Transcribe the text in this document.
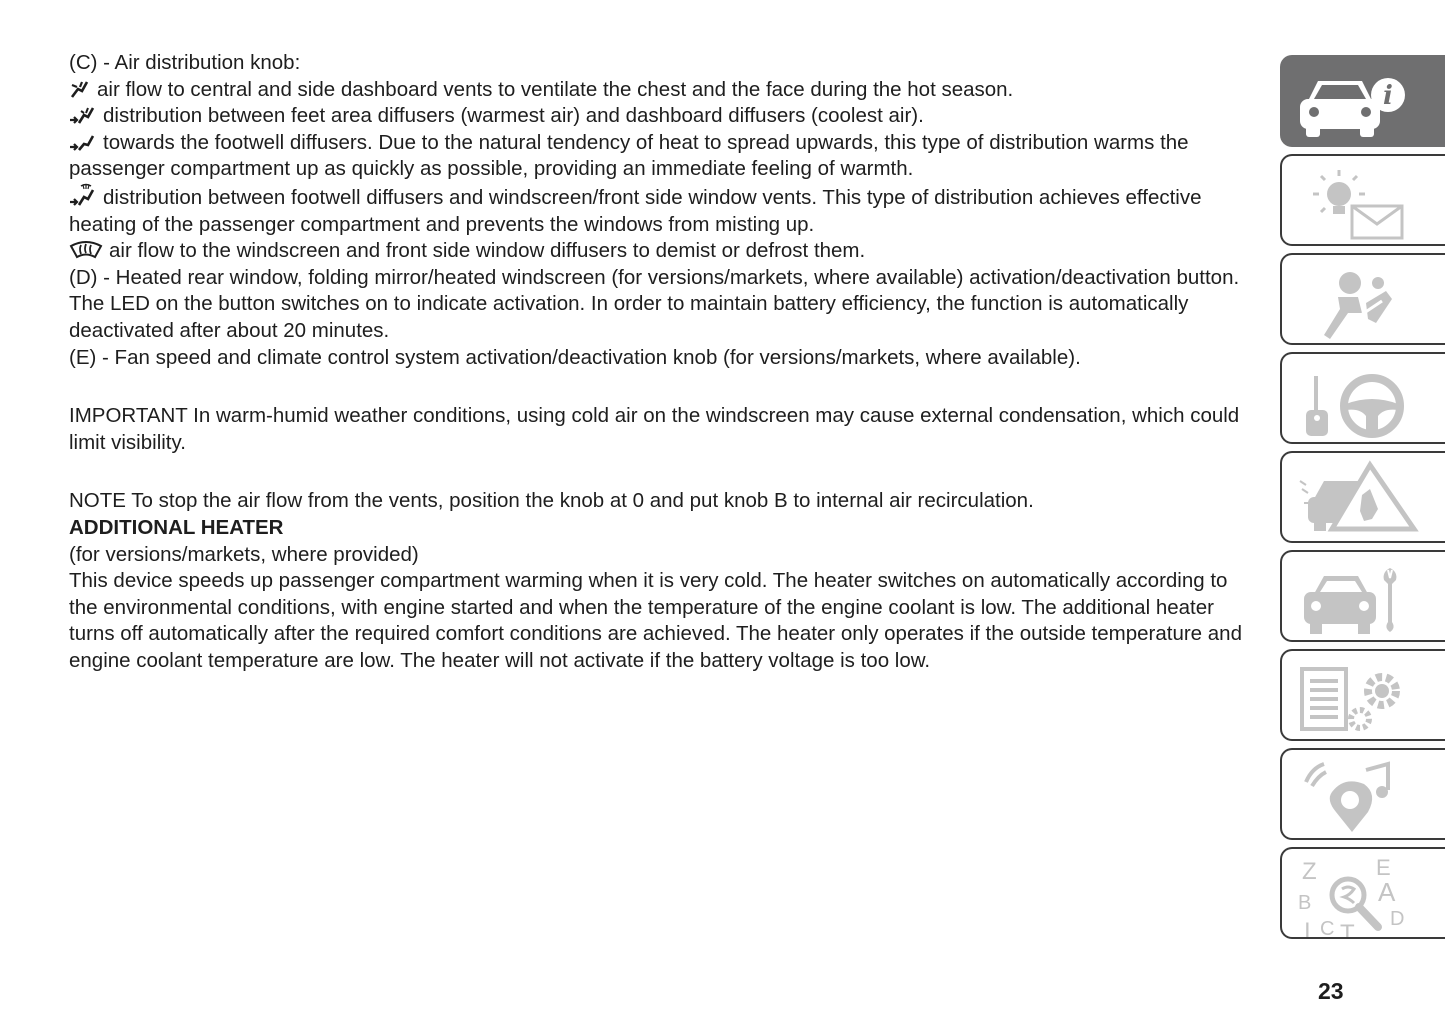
(C) - Air distribution knob:

air flow to central and side dashboard vents to ventilate the chest and the face during the hot season.

distribution between feet area diffusers (warmest air) and dashboard diffusers (coolest air).

towards the footwell diffusers. Due to the natural tendency of heat to spread upwards, this type of distribution warms the passenger compartment up as quickly as possible, providing an immediate feeling of warmth.

distribution between footwell diffusers and windscreen/front side window vents. This type of distribution achieves effective heating of the passenger compartment and prevents the windows from misting up.

air flow to the windscreen and front side window diffusers to demist or defrost them.

(D) - Heated rear window, folding mirror/heated windscreen (for versions/markets, where available) activation/deactivation button. The LED on the button switches on to indicate activation. In order to maintain battery efficiency, the function is automatically deactivated after about 20 minutes.

(E) - Fan speed and climate control system activation/deactivation knob (for versions/markets, where available).

IMPORTANT In warm-humid weather conditions, using cold air on the windscreen may cause external condensation, which could limit visibility.

NOTE To stop the air flow from the vents, position the knob at 0 and put knob B to internal air recirculation.

ADDITIONAL HEATER

(for versions/markets, where provided)

This device speeds up passenger compartment warming when it is very cold. The heater switches on automatically according to the environmental conditions, with engine started and when the temperature of the engine coolant is low. The additional heater turns off automatically after the required comfort conditions are achieved. The heater only operates if the outside temperature and engine coolant temperature are low. The heater will not activate if the battery voltage is too low.

i
Z	E
A
B
D
I C T
23
